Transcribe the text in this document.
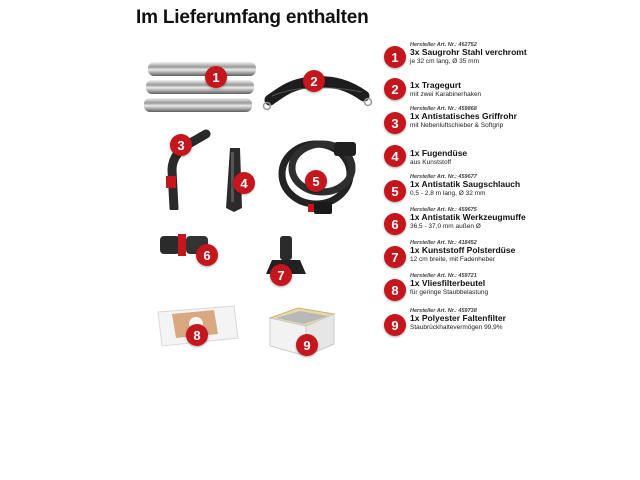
Im Lieferumfang enthalten
1	2
3
4	5
6
7
8
9
1
Hersteller Art. Nr.: 462752
3x Saugrohr Stahl verchromt
je 32 cm lang, Ø 35 mm
2	1x Tragegurt
mit zwei Karabinerhaken
3
Hersteller Art. Nr.: 459868
1x Antistatisches Griffrohr
mit Nebenluftschieber & Softgrip
4	1x Fugendüse
aus Kunststoff
5
Hersteller Art. Nr.: 459677
1x Antistatik Saugschlauch
0,5 - 2,8 m lang, Ø 32 mm
6
Hersteller Art. Nr.: 459675
1x Antistatik Werkzeugmuffe
36,5 - 37,0 mm außen Ø
7
Hersteller Art. Nr.: 418452
1x Kunststoff Polsterdüse
12 cm breite, mit Fadenheber
8
Hersteller Art. Nr.: 459721
1x Vliesfilterbeutel
für geringe Staubbelastung
9
Hersteller Art. Nr.: 459738
1x Polyester Faltenfilter
Staubrückhaltevermögen 99,9%
